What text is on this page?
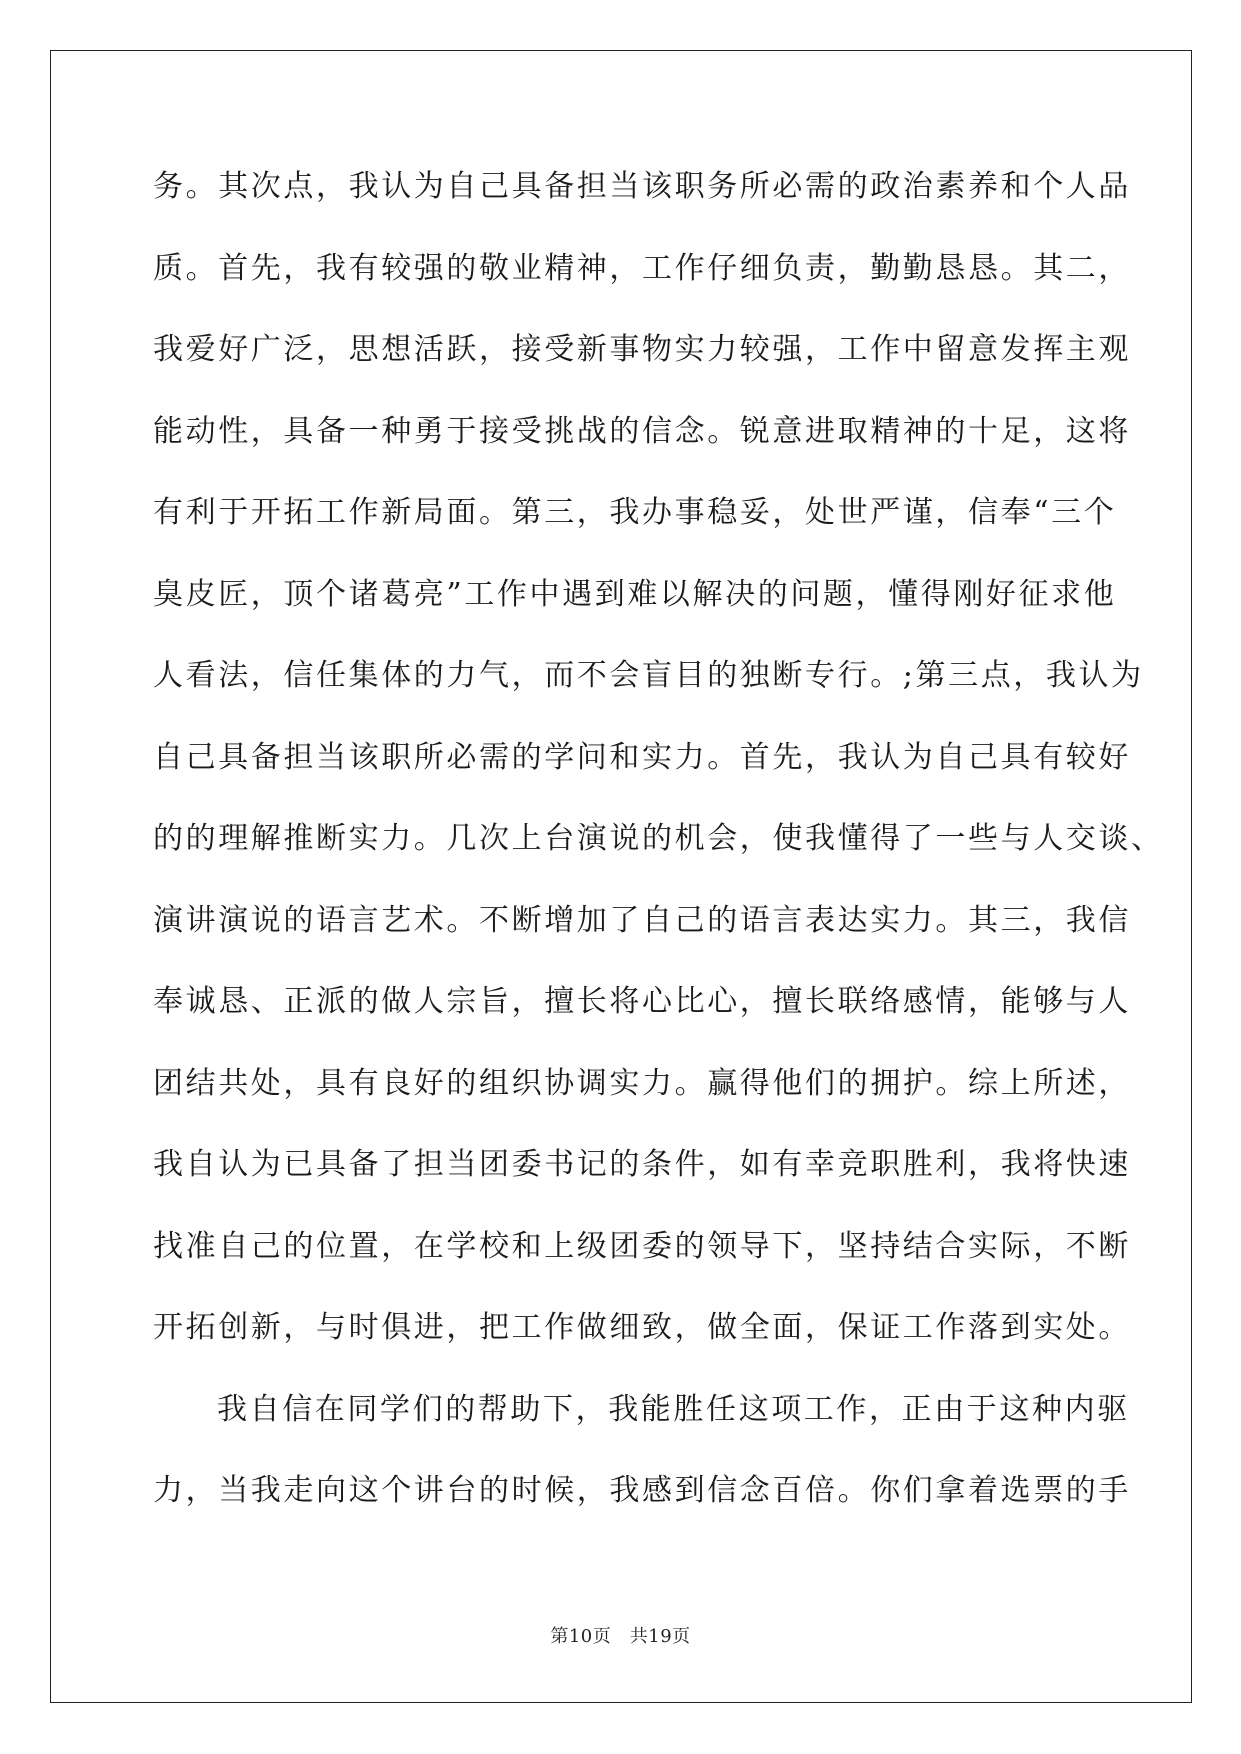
务。其次点，我认为自己具备担当该职务所必需的政治素养和个人品
质。首先，我有较强的敬业精神，工作仔细负责，勤勤恳恳。其二，
我爱好广泛，思想活跃，接受新事物实力较强，工作中留意发挥主观
能动性，具备一种勇于接受挑战的信念。锐意进取精神的十足，这将
有利于开拓工作新局面。第三，我办事稳妥，处世严谨，信奉“三个
臭皮匠，顶个诸葛亮”工作中遇到难以解决的问题，懂得刚好征求他
人看法，信任集体的力气，而不会盲目的独断专行。;第三点，我认为
自己具备担当该职所必需的学问和实力。首先，我认为自己具有较好
的的理解推断实力。几次上台演说的机会，使我懂得了一些与人交谈、
演讲演说的语言艺术。不断增加了自己的语言表达实力。其三，我信
奉诚恳、正派的做人宗旨，擅长将心比心，擅长联络感情，能够与人
团结共处，具有良好的组织协调实力。赢得他们的拥护。综上所述，
我自认为已具备了担当团委书记的条件，如有幸竞职胜利，我将快速
找准自己的位置，在学校和上级团委的领导下，坚持结合实际，不断
开拓创新，与时俱进，把工作做细致，做全面，保证工作落到实处。
我自信在同学们的帮助下，我能胜任这项工作，正由于这种内驱
力，当我走向这个讲台的时候，我感到信念百倍。你们拿着选票的手
第10页　共19页
